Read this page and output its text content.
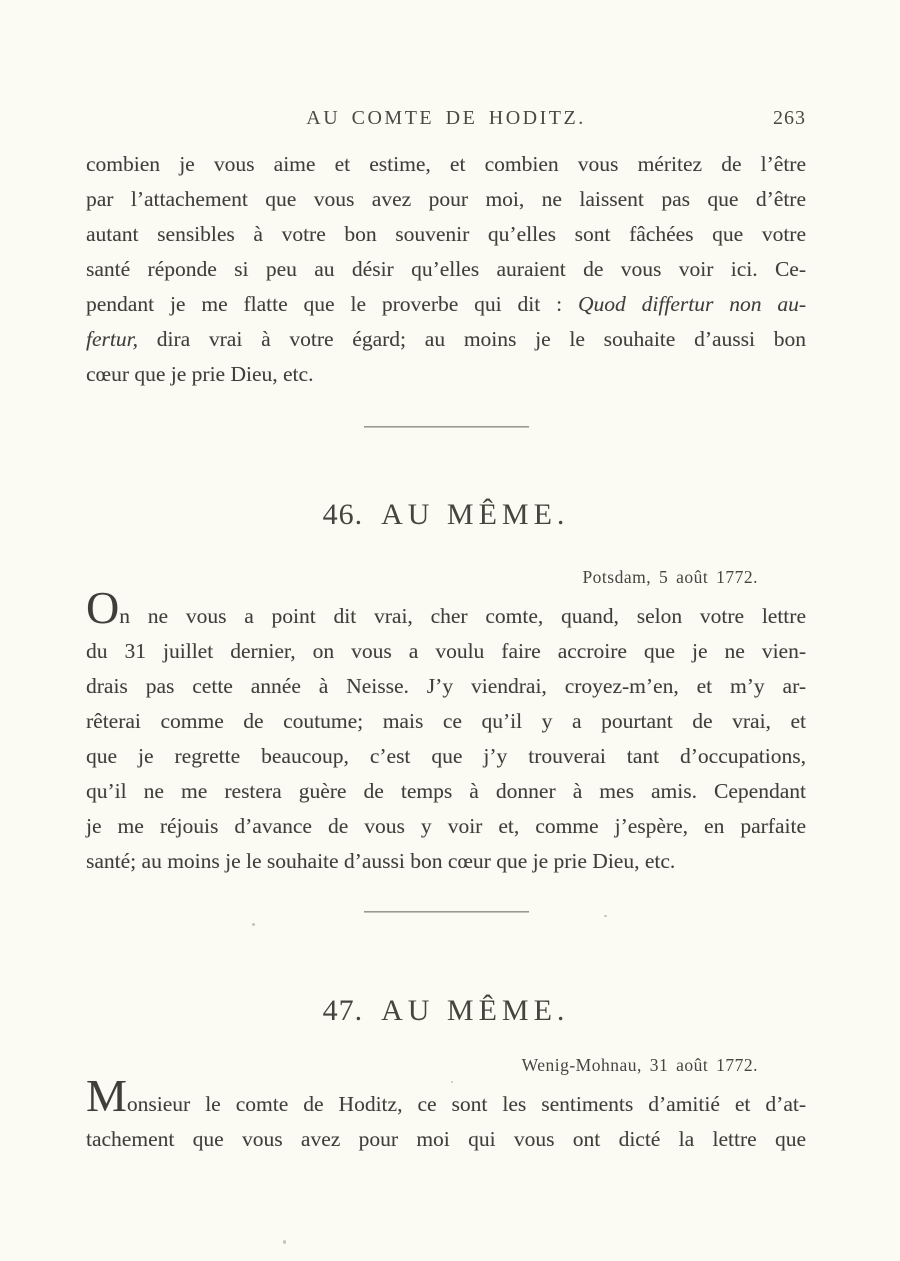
AU COMTE DE HODITZ.	263
combien je vous aime et estime, et combien vous méritez de l’être
par l’attachement que vous avez pour moi, ne laissent pas que d’être
autant sensibles à votre bon souvenir qu’elles sont fâchées que votre
santé réponde si peu au désir qu’elles auraient de vous voir ici. Ce-
pendant je me flatte que le proverbe qui dit : Quod differtur non au-
fertur, dira vrai à votre égard; au moins je le souhaite d’aussi bon
cœur que je prie Dieu, etc.
46. AU MÊME.
Potsdam, 5 août 1772.
On ne vous a point dit vrai, cher comte, quand, selon votre lettre
du 31 juillet dernier, on vous a voulu faire accroire que je ne vien-
drais pas cette année à Neisse. J’y viendrai, croyez-m’en, et m’y ar-
rêterai comme de coutume; mais ce qu’il y a pourtant de vrai, et
que je regrette beaucoup, c’est que j’y trouverai tant d’occupations,
qu’il ne me restera guère de temps à donner à mes amis. Cependant
je me réjouis d’avance de vous y voir et, comme j’espère, en parfaite
santé; au moins je le souhaite d’aussi bon cœur que je prie Dieu, etc.
47. AU MÊME.
Wenig-Mohnau, 31 août 1772.
Monsieur le comte de Hoditz, ce sont les sentiments d’amitié et d’at-
tachement que vous avez pour moi qui vous ont dicté la lettre que
